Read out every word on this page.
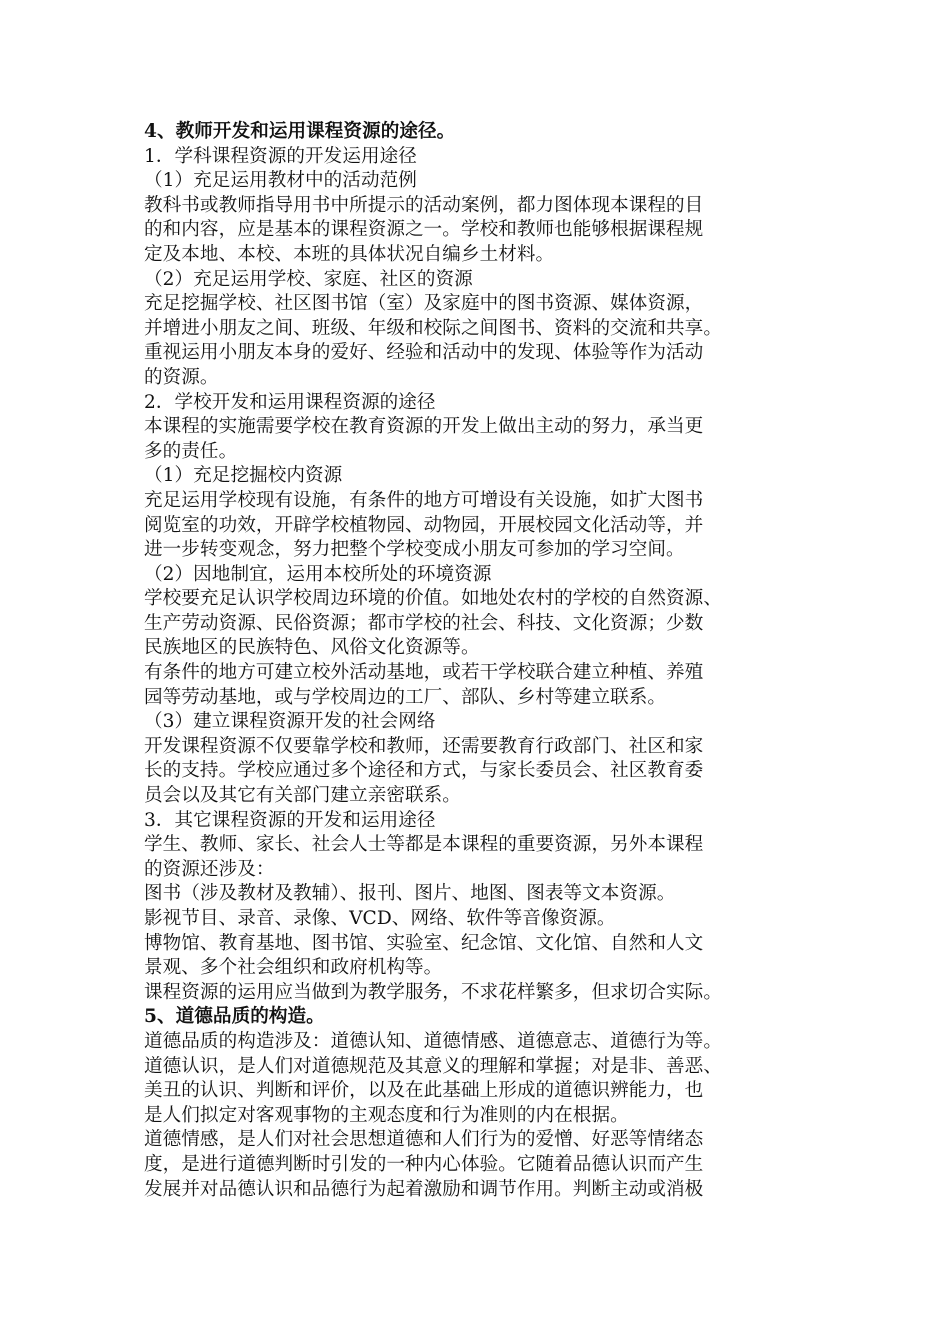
4、教师开发和运用课程资源的途径。
1．学科课程资源的开发运用途径
（1）充足运用教材中的活动范例
教科书或教师指导用书中所提示的活动案例，都力图体现本课程的目
的和内容，应是基本的课程资源之一。学校和教师也能够根据课程规
定及本地、本校、本班的具体状况自编乡土材料。
（2）充足运用学校、家庭、社区的资源
充足挖掘学校、社区图书馆（室）及家庭中的图书资源、媒体资源，
并增进小朋友之间、班级、年级和校际之间图书、资料的交流和共享。
重视运用小朋友本身的爱好、经验和活动中的发现、体验等作为活动
的资源。
2．学校开发和运用课程资源的途径
本课程的实施需要学校在教育资源的开发上做出主动的努力，承当更
多的责任。
（1）充足挖掘校内资源
充足运用学校现有设施，有条件的地方可增设有关设施，如扩大图书
阅览室的功效，开辟学校植物园、动物园，开展校园文化活动等，并
进一步转变观念，努力把整个学校变成小朋友可参加的学习空间。
（2）因地制宜，运用本校所处的环境资源
学校要充足认识学校周边环境的价值。如地处农村的学校的自然资源、
生产劳动资源、民俗资源；都市学校的社会、科技、文化资源；少数
民族地区的民族特色、风俗文化资源等。
有条件的地方可建立校外活动基地，或若干学校联合建立种植、养殖
园等劳动基地，或与学校周边的工厂、部队、乡村等建立联系。
（3）建立课程资源开发的社会网络
开发课程资源不仅要靠学校和教师，还需要教育行政部门、社区和家
长的支持。学校应通过多个途径和方式，与家长委员会、社区教育委
员会以及其它有关部门建立亲密联系。
3．其它课程资源的开发和运用途径
学生、教师、家长、社会人士等都是本课程的重要资源，另外本课程
的资源还涉及：
图书（涉及教材及教辅）、报刊、图片、地图、图表等文本资源。
影视节目、录音、录像、VCD、网络、软件等音像资源。
博物馆、教育基地、图书馆、实验室、纪念馆、文化馆、自然和人文
景观、多个社会组织和政府机构等。
课程资源的运用应当做到为教学服务，不求花样繁多，但求切合实际。
5、道德品质的构造。
道德品质的构造涉及：道德认知、道德情感、道德意志、道德行为等。
道德认识，是人们对道德规范及其意义的理解和掌握；对是非、善恶、
美丑的认识、判断和评价，以及在此基础上形成的道德识辨能力，也
是人们拟定对客观事物的主观态度和行为准则的内在根据。
道德情感，是人们对社会思想道德和人们行为的爱憎、好恶等情绪态
度，是进行道德判断时引发的一种内心体验。它随着品德认识而产生
发展并对品德认识和品德行为起着激励和调节作用。判断主动或消极
